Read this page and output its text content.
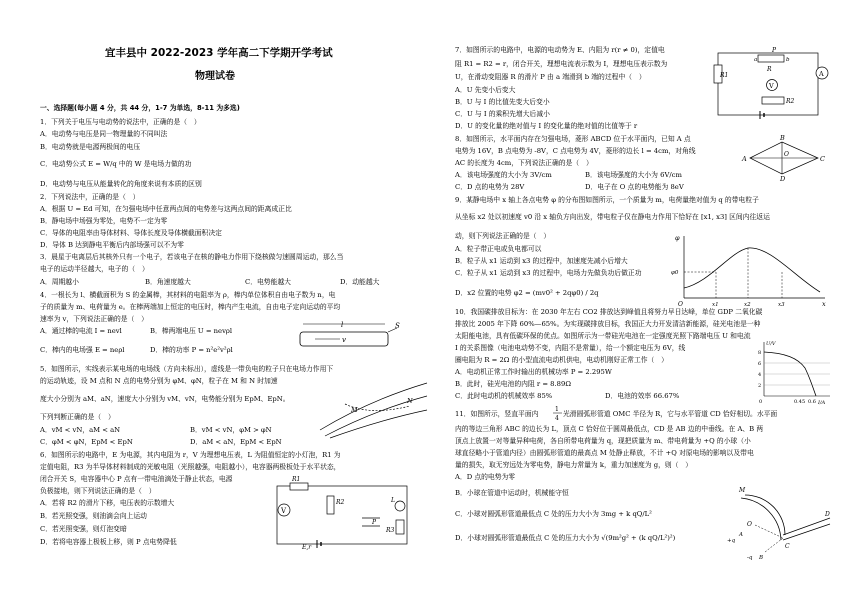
宜丰县中 2022-2023 学年高二下学期开学考试
物理试卷
一、选择题(每小题 4 分，共 44 分，1-7 为单选，8-11 为多选)
1．下列关于电压与电动势的说法中，正确的是（　）
A．电动势与电压是同一物理量的不同叫法
B．电动势就是电源两极间的电压
C．电动势公式 E = W/q 中的 W 是电场力做的功
D．电动势与电压从能量转化的角度来说有本质的区别
2．下列说法中，正确的是（　）
A．根据 U = Ed 可知，在匀强电场中任意两点间的电势差与这两点间的距离成正比
B．静电场中场强为零处，电势不一定为零
C．导体的电阻率由导体材料、导体长度及导体横截面积决定
D．导体 B 达到静电平衡后内部场强可以不为零
3．晨星于电离层后其核外只有一个电子，若该电子在核的静电力作用下绕核做匀速圆周运动，那么当
电子的运动半径越大，电子的（　）
A．周期越小	B．角速度越大	C．电势能越大	D．动能越大
4．一根长为 l、横截面积为 S 的金属棒，其材料的电阻率为 ρ，棒内单位体积自由电子数为 n，电
子的质量为 m、电荷量为 e。在棒两端加上恒定的电压时，棒内产生电流，自由电子定向运动的平均
速率为 v，下列说法正确的是（　）
A．通过棒的电流 I = nevl	B．棒两端电压 U = nevρl
C．棒内的电场强 E = neρl	D．棒的功率 P = n²e²v²ρl
l
v
S
5．如图所示，实线表示某电场的电场线（方向未标出），虚线是一带负电的粒子只在电场力作用下
的运动轨迹，设 M 点和 N 点的电势分别为 φM、φN，粒子在 M 和 N 时加速
度大小分别为 aM、aN，速度大小分别为 vM、vN，电势能分别为 EpM、EpN。
下列判断正确的是（　）
A．vM < vN，aM < aN	B．vM < vN，φM > φN
C．φM < φN，EpM < EpN	D．aM < aN，EpM < EpN
M
N
6．如图所示的电路中，E 为电源，其内电阻为 r，V 为理想电压表，L 为阻值恒定的小灯泡，R1 为
定值电阻，R3 为半导体材料制成的光敏电阻（光照越强，电阻越小），电容器两极板处于水平状态，
闭合开关 S，电容器中心 P 点有一带电油滴处于静止状态，电源
负极接地，则下列说法正确的是（　）
A．若将 R2 的滑片下移，电压表的示数增大
B．若光照变强，则油滴会向上运动
C．若光照变强，则灯泡变暗
D．若将电容器上极板上移，则 P 点电势降低
R1
V
R2
P
L
R3
E,r
7．如图所示的电路中，电源的电动势为 E、内阻为 r(r ≠ 0)，定值电
阻 R1 = R2 = r，闭合开关，理想电流表示数为 I，理想电压表示数为
U，在滑动变阻器 R 的滑片 P 由 a 端滑到 b 端的过程中（　）
A．U 先变小后变大
B．U 与 I 的比值先变大后变小
C．U 与 I 的乘积先增大后减小
D．U 的变化量的绝对值与 I 的变化量的绝对值的比值等于 r
R1
R
P
a	b
V
R2
A
8．如图所示，水平面内存在匀强电场，菱形 ABCD 位于水平面内，已知 A 点
电势为 16V，B 点电势为 -8V，C 点电势为 4V，菱形的边长 l = 4cm，对角线
AC 的长度为 4cm，下列说法正确的是（　）
A．该电场强度的大小为 3V/cm	B．该电场强度的大小为 6V/cm
C．D 点的电势为 28V	D．电子在 O 点的电势能为 8eV
A
B
C
D
O
9．某静电场中 x 轴上各点电势 φ 的分布图如图所示，一个质量为 m，电荷量绝对值为 q 的带电粒子
从坐标 x2 处以初速度 v0 沿 x 轴负方向出发，带电粒子仅在静电力作用下恰好在 [x1, x3] 区间内往返运
动，则下列说法正确的是（　）
A．粒子带正电或负电都可以
B．粒子从 x1 运动到 x3 的过程中，加速度先减小后增大
C．粒子从 x1 运动到 x3 的过程中，电场力先做负功后做正功
D．x2 位置的电势 φ2 = (mv0² + 2qφ0) / 2q
φ
φ0
x
O	x1	x2	x3
10．我国碳排放目标为：在 2030 年左右 CO2 排放达到峰值且将努力早日达峰，单位 GDP 二氧化碳
排放比 2005 年下降 60%—65%。为实现碳排放目标，我国正大力开发清洁新能源，硅光电池是一种
太阳能电池，具有低碳环保的优点。如图所示为一带硅光电池在一定强度光照下路端电压 U 和电流
I 的关系图像（电池电动势不变，内阻不是常量），给一个额定电压为 6V，线
圈电阻为 R = 2Ω 的小型直流电动机供电，电动机刚好正常工作（　）
A．电动机正常工作时输出的机械功率 P = 2.295W
B．此时，硅光电池的内阻 r = 8.89Ω
C．此时电动机的机械效率 85%	D．电池的效率 66.67%
U/V
I/A
8
6
4
2
0	0.45 0.6
11．如图所示，竖直平面内
1
4
光滑圆弧形管道 OMC 半径为 R，它与水平管道 CD 恰好相切。水平面
内的等边三角形 ABC 的边长为 L，顶点 C 恰好位于圆周最低点，CD 是 AB 边的中垂线。在 A、B 两
顶点上放置一对等量异种电荷，各自所带电荷量为 q，现把质量为 m、带电荷量为 +Q 的小球（小
球直径略小于管道内径）由圆弧形管道的最高点 M 处静止释放，不计 +Q 对原电场的影响以及带电
量的损失，取无穷远处为零电势，静电力常量为 k，重力加速度为 g，则（　）
A．D 点的电势为零
B．小球在管道中运动时，机械能守恒
C．小球对圆弧形管道最低点 C 处的压力大小为 3mg + k qQ/L²
D．小球对圆弧形管道最低点 C 处的压力大小为 √(9m²g² + (k qQ/L²)²)
M
O
C
D
A
+q
B
-q
